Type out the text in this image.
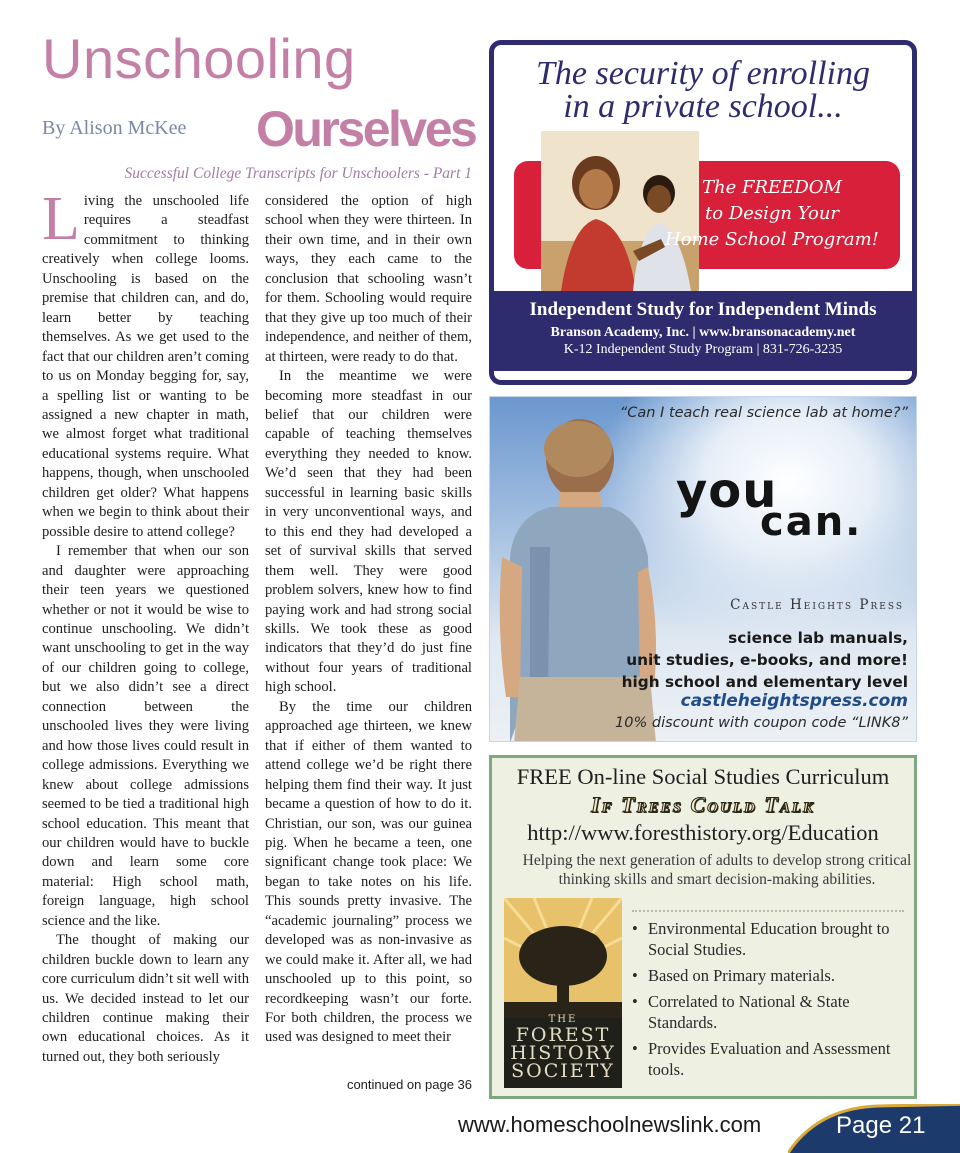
Unschooling
By Alison McKee Ourselves
Successful College Transcripts for Unschoolers - Part 1

Living the unschooled life requires a steadfast commitment to thinking creatively when college looms. Unschooling is based on the premise that children can, and do, learn better by teaching themselves. As we get used to the fact that our children aren’t coming to us on Monday begging for, say, a spelling list or wanting to be assigned a new chapter in math, we almost forget what traditional educational systems require. What happens, though, when unschooled children get older? What happens when we begin to think about their possible desire to attend college?

I remember that when our son and daughter were approaching their teen years we questioned whether or not it would be wise to continue unschooling. We didn’t want unschooling to get in the way of our children going to college, but we also didn’t see a direct connection between the unschooled lives they were living and how those lives could result in college admissions. Everything we knew about college admissions seemed to be tied a traditional high school education. This meant that our children would have to buckle down and learn some core material: High school math, foreign language, high school science and the like.

The thought of making our children buckle down to learn any core curriculum didn’t sit well with us. We decided instead to let our children continue making their own educational choices. As it turned out, they both seriously

considered the option of high school when they were thirteen. In their own time, and in their own ways, they each came to the conclusion that schooling wasn’t for them. Schooling would require that they give up too much of their independence, and neither of them, at thirteen, were ready to do that.

In the meantime we were becoming more steadfast in our belief that our children were capable of teaching themselves everything they needed to know. We’d seen that they had been successful in learning basic skills in very unconventional ways, and to this end they had developed a set of survival skills that served them well. They were good problem solvers, knew how to find paying work and had strong social skills. We took these as good indicators that they’d do just fine without four years of traditional high school.

By the time our children approached age thirteen, we knew that if either of them wanted to attend college we’d be right there helping them find their way. It just became a question of how to do it. Christian, our son, was our guinea pig. When he became a teen, one significant change took place: We began to take notes on his life. This sounds pretty invasive. The “academic journaling” process we developed was as non-invasive as we could make it. After all, we had unschooled up to this point, so recordkeeping wasn’t our forte. For both children, the process we used was designed to meet their

continued on page 36
The security of enrolling
in a private school...
The FREEDOM
to Design Your
Home School Program!
Independent Study for Independent Minds
Branson Academy, Inc. | www.bransonacademy.net
K-12 Independent Study Program | 831-726-3235
“Can I teach real science lab at home?”
you
can.
Castle Heights Press
science lab manuals,
unit studies, e-books, and more!
high school and elementary level
castleheightspress.com
10% discount with coupon code “LINK8”
FREE On-line Social Studies Curriculum
If Trees Could Talk
http://www.foresthistory.org/Education
Helping the next generation of adults to develop strong critical thinking skills and smart decision-making abilities.
THE
FOREST
HISTORY
SOCIETY
• Environmental Education brought to Social Studies.
• Based on Primary materials.
• Correlated to National & State Standards.
• Provides Evaluation and Assessment tools.
www.homeschoolnewslink.com	Page 21
